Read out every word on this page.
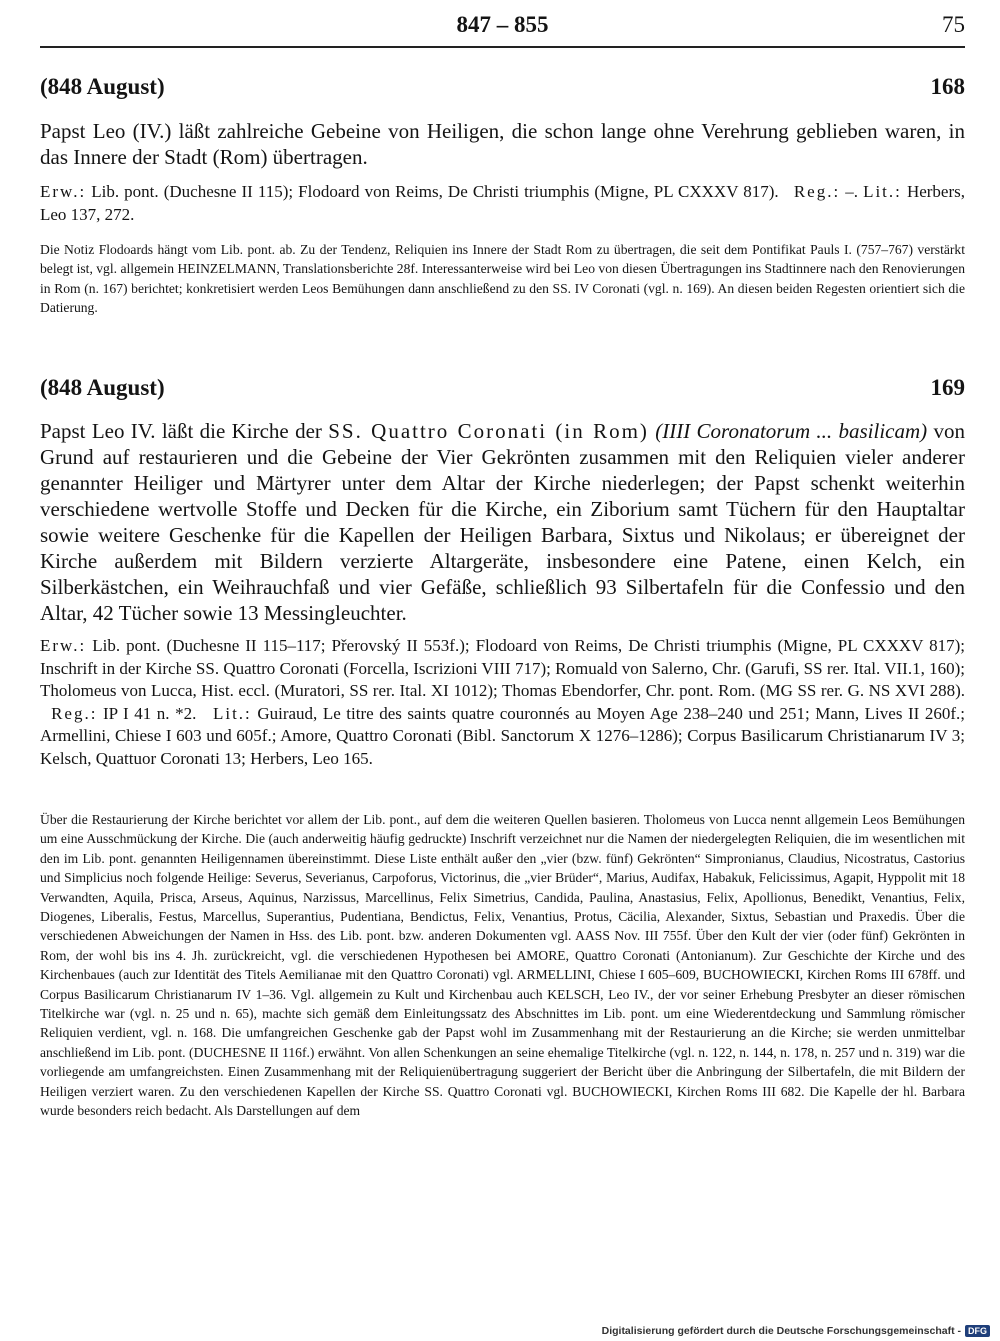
847 – 855	75
(848 August)	168
Papst Leo (IV.) läßt zahlreiche Gebeine von Heiligen, die schon lange ohne Verehrung geblieben waren, in das Innere der Stadt (Rom) übertragen.
Erw.: Lib. pont. (Duchesne II 115); Flodoard von Reims, De Christi triumphis (Migne, PL CXXXV 817). Reg.: –. Lit.: Herbers, Leo 137, 272.
Die Notiz Flodoards hängt vom Lib. pont. ab. Zu der Tendenz, Reliquien ins Innere der Stadt Rom zu übertragen, die seit dem Pontifikat Pauls I. (757–767) verstärkt belegt ist, vgl. allgemein HEINZELMANN, Translationsberichte 28f. Interessanterweise wird bei Leo von diesen Übertragungen ins Stadtinnere nach den Renovierungen in Rom (n. 167) berichtet; konkretisiert werden Leos Bemühungen dann anschließend zu den SS. IV Coronati (vgl. n. 169). An diesen beiden Regesten orientiert sich die Datierung.
(848 August)	169
Papst Leo IV. läßt die Kirche der SS. Quattro Coronati (in Rom) (IIII Coronatorum ... basilicam) von Grund auf restaurieren und die Gebeine der Vier Gekrönten zusammen mit den Reliquien vieler anderer genannter Heiliger und Märtyrer unter dem Altar der Kirche niederlegen; der Papst schenkt weiterhin verschiedene wertvolle Stoffe und Decken für die Kirche, ein Ziborium samt Tüchern für den Hauptaltar sowie weitere Geschenke für die Kapellen der Heiligen Barbara, Sixtus und Nikolaus; er übereignet der Kirche außerdem mit Bildern verzierte Altargeräte, insbesondere eine Patene, einen Kelch, ein Silberkästchen, ein Weihrauchfaß und vier Gefäße, schließlich 93 Silbertafeln für die Confessio und den Altar, 42 Tücher sowie 13 Messingleuchter.
Erw.: Lib. pont. (Duchesne II 115–117; Přerovský II 553f.); Flodoard von Reims, De Christi triumphis (Migne, PL CXXXV 817); Inschrift in der Kirche SS. Quattro Coronati (Forcella, Iscrizioni VIII 717); Romuald von Salerno, Chr. (Garufi, SS rer. Ital. VII.1, 160); Tholomeus von Lucca, Hist. eccl. (Muratori, SS rer. Ital. XI 1012); Thomas Ebendorfer, Chr. pont. Rom. (MG SS rer. G. NS XVI 288).   Reg.: IP I 41 n. *2. Lit.: Guiraud, Le titre des saints quatre couronnés au Moyen Age 238–240 und 251; Mann, Lives II 260f.; Armellini, Chiese I 603 und 605f.; Amore, Quattro Coronati (Bibl. Sanctorum X 1276–1286); Corpus Basilicarum Christianarum IV 3; Kelsch, Quattuor Coronati 13; Herbers, Leo 165.
Über die Restaurierung der Kirche berichtet vor allem der Lib. pont., auf dem die weiteren Quellen basieren. Tholomeus von Lucca nennt allgemein Leos Bemühungen um eine Ausschmückung der Kirche. Die (auch anderweitig häufig gedruckte) Inschrift verzeichnet nur die Namen der niedergelegten Reliquien, die im wesentlichen mit den im Lib. pont. genannten Heiligennamen übereinstimmt. Diese Liste enthält außer den „vier (bzw. fünf) Gekrönten“ Simpronianus, Claudius, Nicostratus, Castorius und Simplicius noch folgende Heilige: Severus, Severianus, Carpoforus, Victorinus, die „vier Brüder“, Marius, Audifax, Habakuk, Felicissimus, Agapit, Hyppolit mit 18 Verwandten, Aquila, Prisca, Arseus, Aquinus, Narzissus, Marcellinus, Felix Simetrius, Candida, Paulina, Anastasius, Felix, Apollionus, Benedikt, Venantius, Felix, Diogenes, Liberalis, Festus, Marcellus, Superantius, Pudentiana, Bendictus, Felix, Venantius, Protus, Cäcilia, Alexander, Sixtus, Sebastian und Praxedis. Über die verschiedenen Abweichungen der Namen in Hss. des Lib. pont. bzw. anderen Dokumenten vgl. AASS Nov. III 755f. Über den Kult der vier (oder fünf) Gekrönten in Rom, der wohl bis ins 4. Jh. zurückreicht, vgl. die verschiedenen Hypothesen bei AMORE, Quattro Coronati (Antonianum). Zur Geschichte der Kirche und des Kirchenbaues (auch zur Identität des Titels Aemilianae mit den Quattro Coronati) vgl. ARMELLINI, Chiese I 605–609, BUCHOWIECKI, Kirchen Roms III 678ff. und Corpus Basilicarum Christianarum IV 1–36. Vgl. allgemein zu Kult und Kirchenbau auch KELSCH, Leo IV., der vor seiner Erhebung Presbyter an dieser römischen Titelkirche war (vgl. n. 25 und n. 65), machte sich gemäß dem Einleitungssatz des Abschnittes im Lib. pont. um eine Wiederentdeckung und Sammlung römischer Reliquien verdient, vgl. n. 168. Die umfangreichen Geschenke gab der Papst wohl im Zusammenhang mit der Restaurierung an die Kirche; sie werden unmittelbar anschließend im Lib. pont. (DUCHESNE II 116f.) erwähnt. Von allen Schenkungen an seine ehemalige Titelkirche (vgl. n. 122, n. 144, n. 178, n. 257 und n. 319) war die vorliegende am umfangreichsten. Einen Zusammenhang mit der Reliquienübertragung suggeriert der Bericht über die Anbringung der Silbertafeln, die mit Bildern der Heiligen verziert waren. Zu den verschiedenen Kapellen der Kirche SS. Quattro Coronati vgl. BUCHOWIECKI, Kirchen Roms III 682. Die Kapelle der hl. Barbara wurde besonders reich bedacht. Als Darstellungen auf dem
Digitalisierung gefördert durch die Deutsche Forschungsgemeinschaft - DFG
